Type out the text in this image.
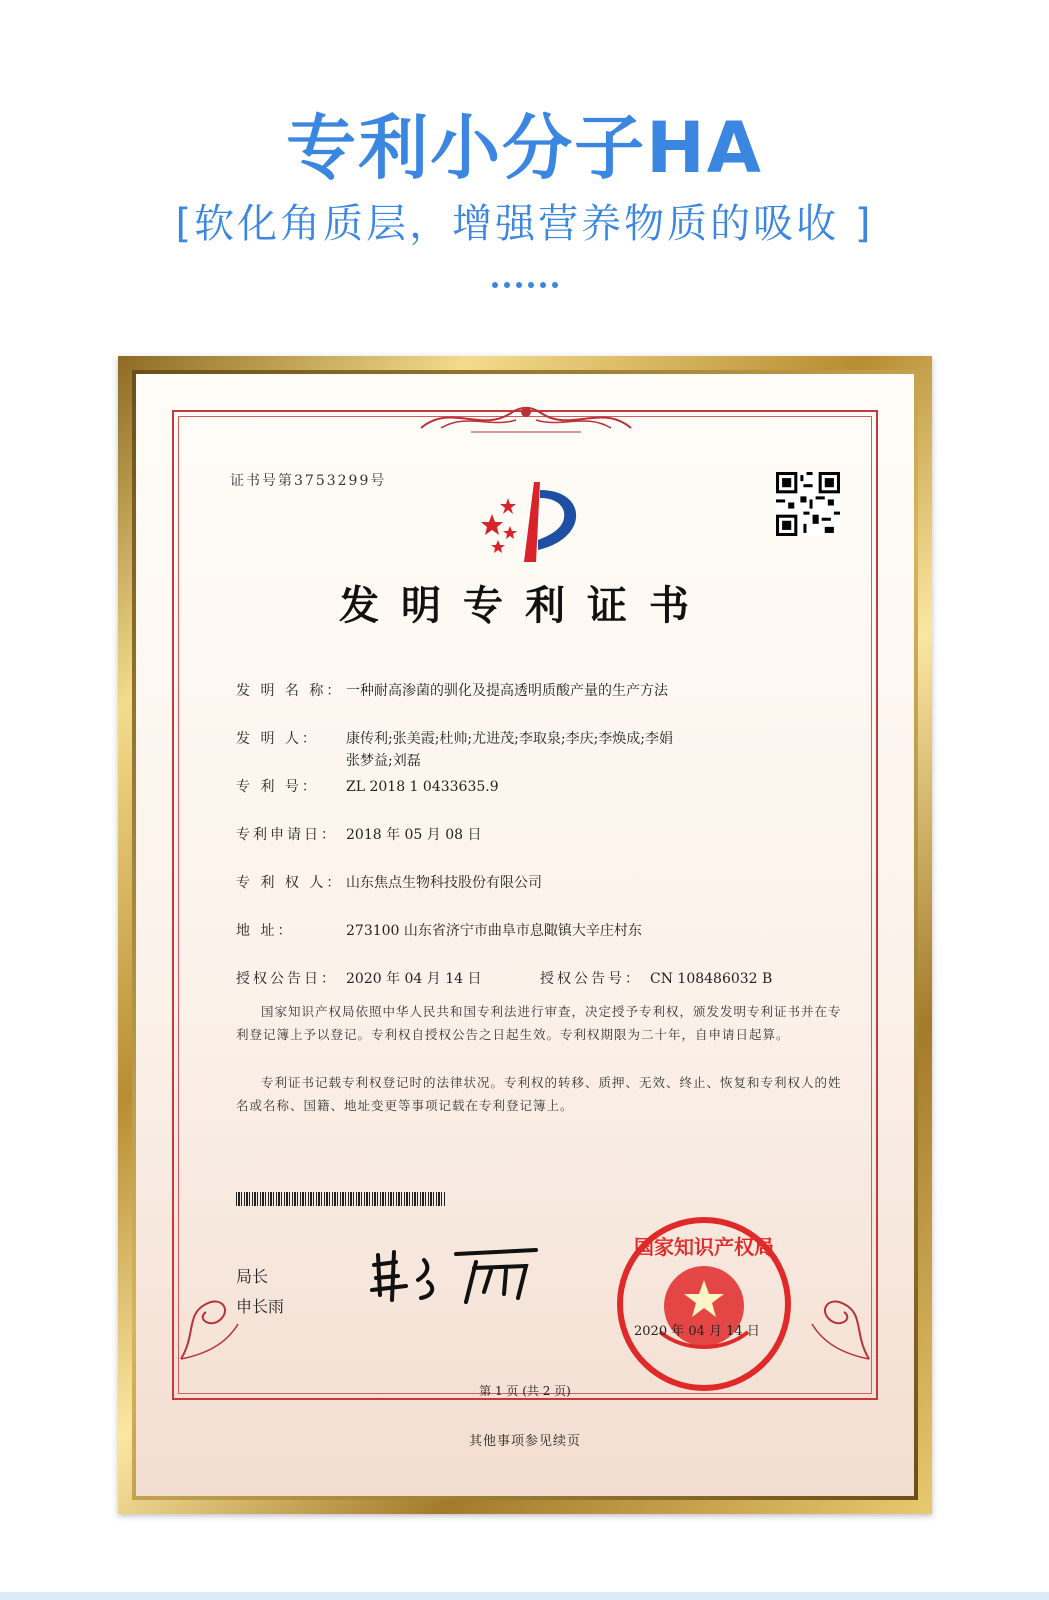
专利小分子HA
[软化角质层，增强营养物质的吸收 ]
证书号第3753299号
发明专利证书
发 明 名 称： 一种耐高渗菌的驯化及提高透明质酸产量的生产方法
发 明 人： 康传利;张美霞;杜帅;尤进茂;李取泉;李庆;李焕成;李娟
张梦益;刘磊
专 利 号： ZL 2018 1 0433635.9
专利申请日： 2018 年 05 月 08 日
专 利 权 人： 山东焦点生物科技股份有限公司
地 址：	273100 山东省济宁市曲阜市息陬镇大辛庄村东
授权公告日： 2020 年 04 月 14 日	授权公告号： CN 108486032 B
国家知识产权局依照中华人民共和国专利法进行审查，决定授予专利权，颁发发明专利证书并在专利登记簿上予以登记。专利权自授权公告之日起生效。专利权期限为二十年，自申请日起算。
专利证书记载专利权登记时的法律状况。专利权的转移、质押、无效、终止、恢复和专利权人的姓名或名称、国籍、地址变更等事项记载在专利登记簿上。
局长
申长雨
国家知识产权局
2020 年 04 月 14 日
第 1 页 (共 2 页)
其他事项参见续页
